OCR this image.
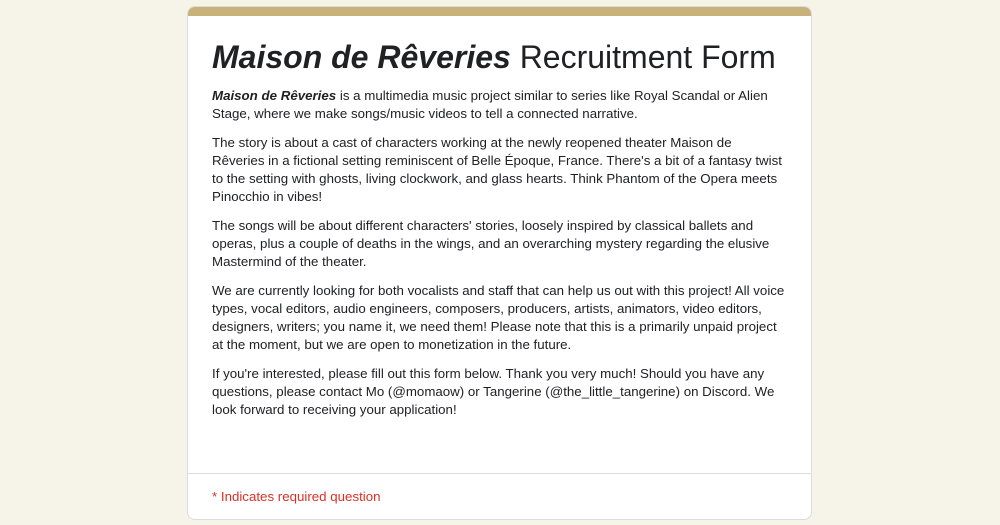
Maison de Rêveries Recruitment Form

Maison de Rêveries is a multimedia music project similar to series like Royal Scandal or Alien Stage, where we make songs/music videos to tell a connected narrative.

The story is about a cast of characters working at the newly reopened theater Maison de Rêveries in a fictional setting reminiscent of Belle Époque, France. There's a bit of a fantasy twist to the setting with ghosts, living clockwork, and glass hearts. Think Phantom of the Opera meets Pinocchio in vibes!

The songs will be about different characters' stories, loosely inspired by classical ballets and operas, plus a couple of deaths in the wings, and an overarching mystery regarding the elusive Mastermind of the theater.

We are currently looking for both vocalists and staff that can help us out with this project! All voice types, vocal editors, audio engineers, composers, producers, artists, animators, video editors, designers, writers; you name it, we need them! Please note that this is a primarily unpaid project at the moment, but we are open to monetization in the future.

If you're interested, please fill out this form below. Thank you very much! Should you have any questions, please contact Mo (@momaow) or Tangerine (@the_little_tangerine) on Discord. We look forward to receiving your application!

* Indicates required question
